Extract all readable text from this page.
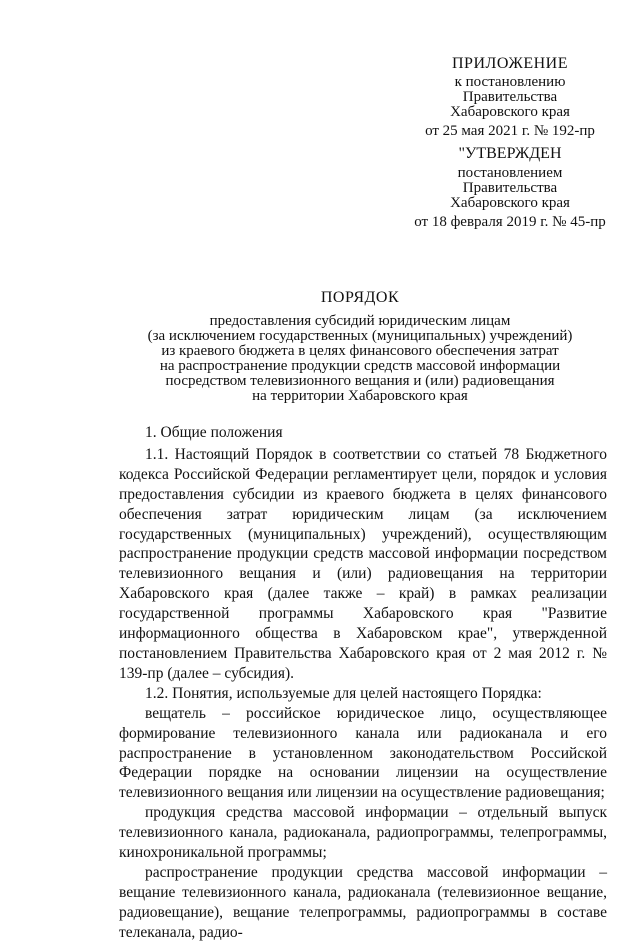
ПРИЛОЖЕНИЕ
к постановлению
Правительства
Хабаровского края
от 25 мая 2021 г. № 192-пр
"УТВЕРЖДЕН
постановлением
Правительства
Хабаровского края
от 18 февраля 2019 г. № 45-пр
ПОРЯДОК
предоставления субсидий юридическим лицам
(за исключением государственных (муниципальных) учреждений)
из краевого бюджета в целях финансового обеспечения затрат
на распространение продукции средств массовой информации
посредством телевизионного вещания и (или) радиовещания
на территории Хабаровского края

1. Общие положения

1.1. Настоящий Порядок в соответствии со статьей 78 Бюджетного кодекса Российской Федерации регламентирует цели, порядок и условия предоставления субсидии из краевого бюджета в целях финансового обеспечения затрат юридическим лицам (за исключением государственных (муниципальных) учреждений), осуществляющим распространение продукции средств массовой информации посредством телевизионного вещания и (или) радиовещания на территории Хабаровского края (далее также – край) в рамках реализации государственной программы Хабаровского края "Развитие информационного общества в Хабаровском крае", утвержденной постановлением Правительства Хабаровского края от 2 мая 2012 г. № 139-пр (далее – субсидия).

1.2. Понятия, используемые для целей настоящего Порядка:

вещатель – российское юридическое лицо, осуществляющее формирование телевизионного канала или радиоканала и его распространение в установленном законодательством Российской Федерации порядке на основании лицензии на осуществление телевизионного вещания или лицензии на осуществление радиовещания;

продукция средства массовой информации – отдельный выпуск телевизионного канала, радиоканала, радиопрограммы, телепрограммы, кинохроникальной программы;

распространение продукции средства массовой информации – вещание телевизионного канала, радиоканала (телевизионное вещание, радиовещание), вещание телепрограммы, радиопрограммы в составе телеканала, радио-
